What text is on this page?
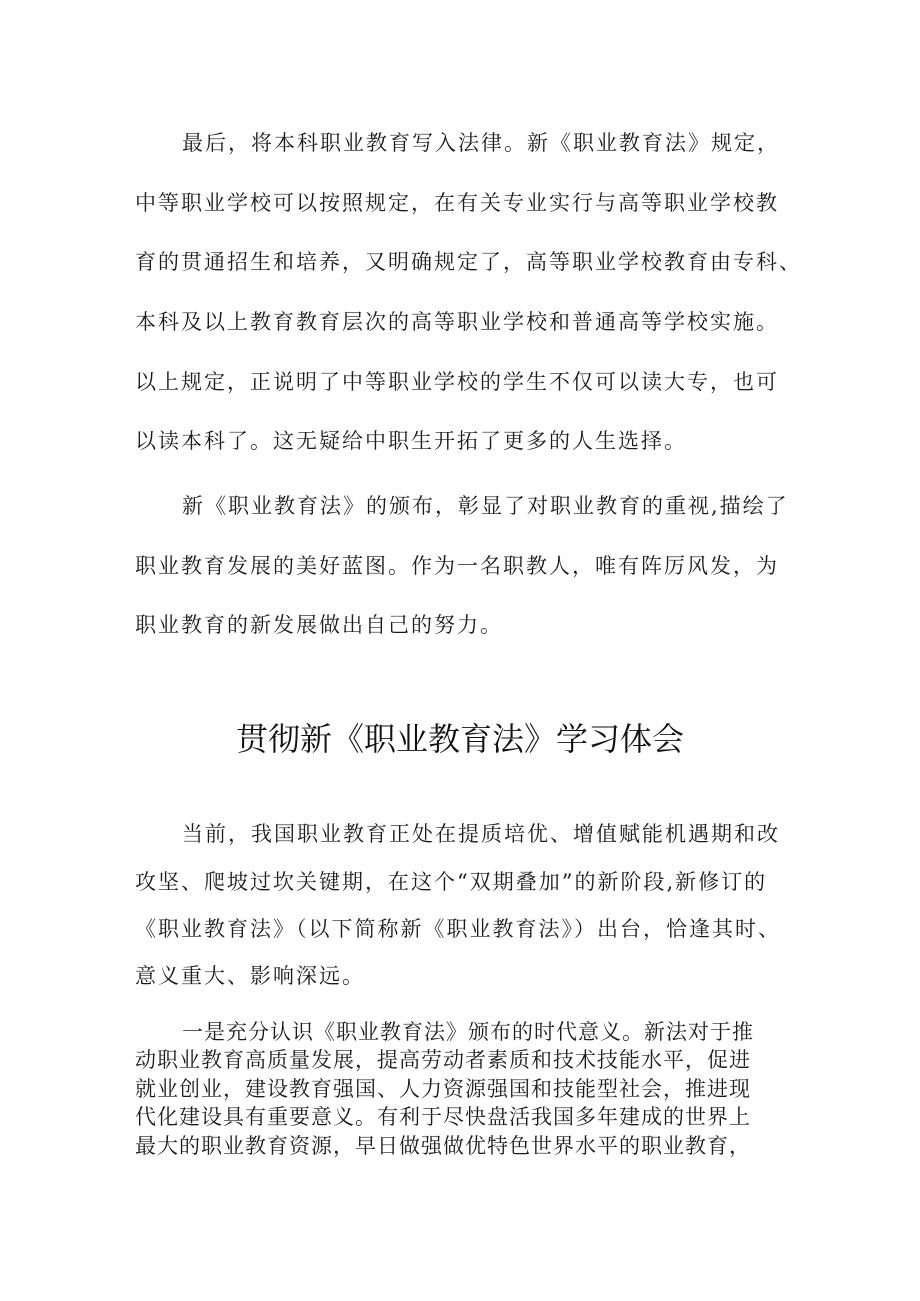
最后，将本科职业教育写入法律。新《职业教育法》规定，
中等职业学校可以按照规定，在有关专业实行与高等职业学校教
育的贯通招生和培养，又明确规定了，高等职业学校教育由专科、
本科及以上教育教育层次的高等职业学校和普通高等学校实施。
以上规定，正说明了中等职业学校的学生不仅可以读大专，也可
以读本科了。这无疑给中职生开拓了更多的人生选择。
新《职业教育法》的颁布，彰显了对职业教育的重视,描绘了
职业教育发展的美好蓝图。作为一名职教人，唯有阵厉风发，为
职业教育的新发展做出自己的努力。
贯彻新《职业教育法》学习体会
当前，我国职业教育正处在提质培优、增值赋能机遇期和改
攻坚、爬坡过坎关键期，在这个“双期叠加”的新阶段,新修订的
《职业教育法》（以下简称新《职业教育法》）出台，恰逢其时、
意义重大、影响深远。
一是充分认识《职业教育法》颁布的时代意义。新法对于推
动职业教育高质量发展，提高劳动者素质和技术技能水平，促进
就业创业，建设教育强国、人力资源强国和技能型社会，推进现
代化建设具有重要意义。有利于尽快盘活我国多年建成的世界上
最大的职业教育资源，早日做强做优特色世界水平的职业教育，
